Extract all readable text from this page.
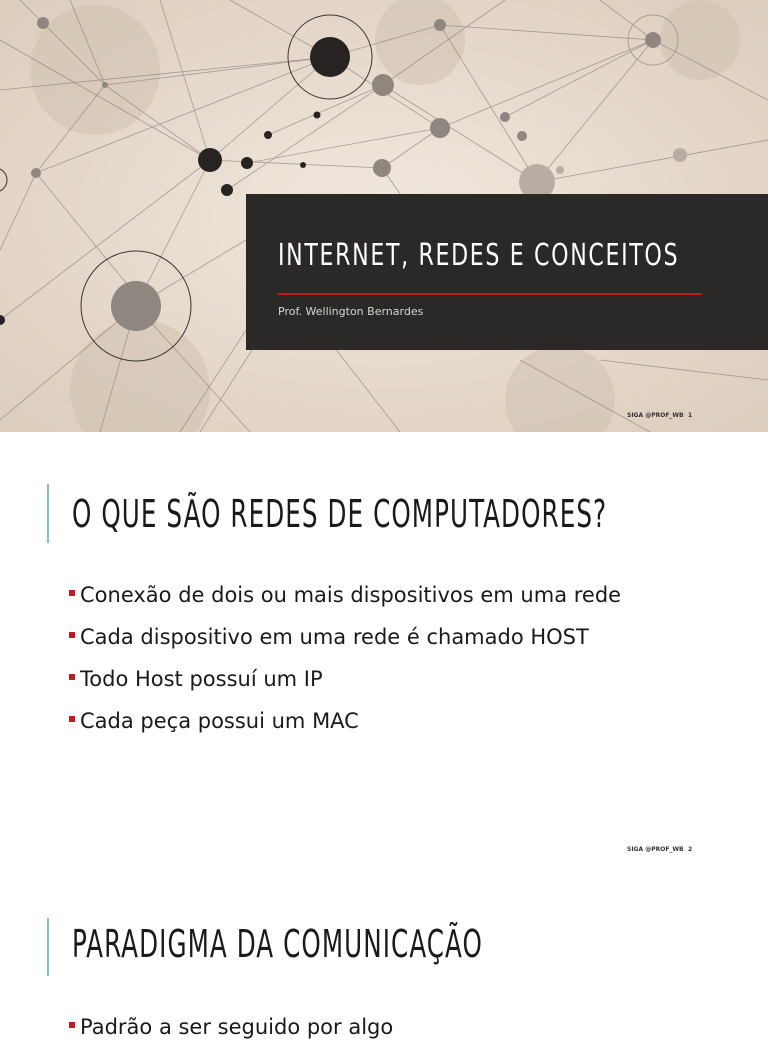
INTERNET, REDES E CONCEITOS
Prof. Wellington Bernardes
SIGA @PROF_WB 1
O QUE SÃO REDES DE COMPUTADORES?
Conexão de dois ou mais dispositivos em uma rede
Cada dispositivo em uma rede é chamado HOST
Todo Host possuí um IP
Cada peça possui um MAC
SIGA @PROF_WB 2
PARADIGMA DA COMUNICAÇÃO
Padrão a ser seguido por algo
